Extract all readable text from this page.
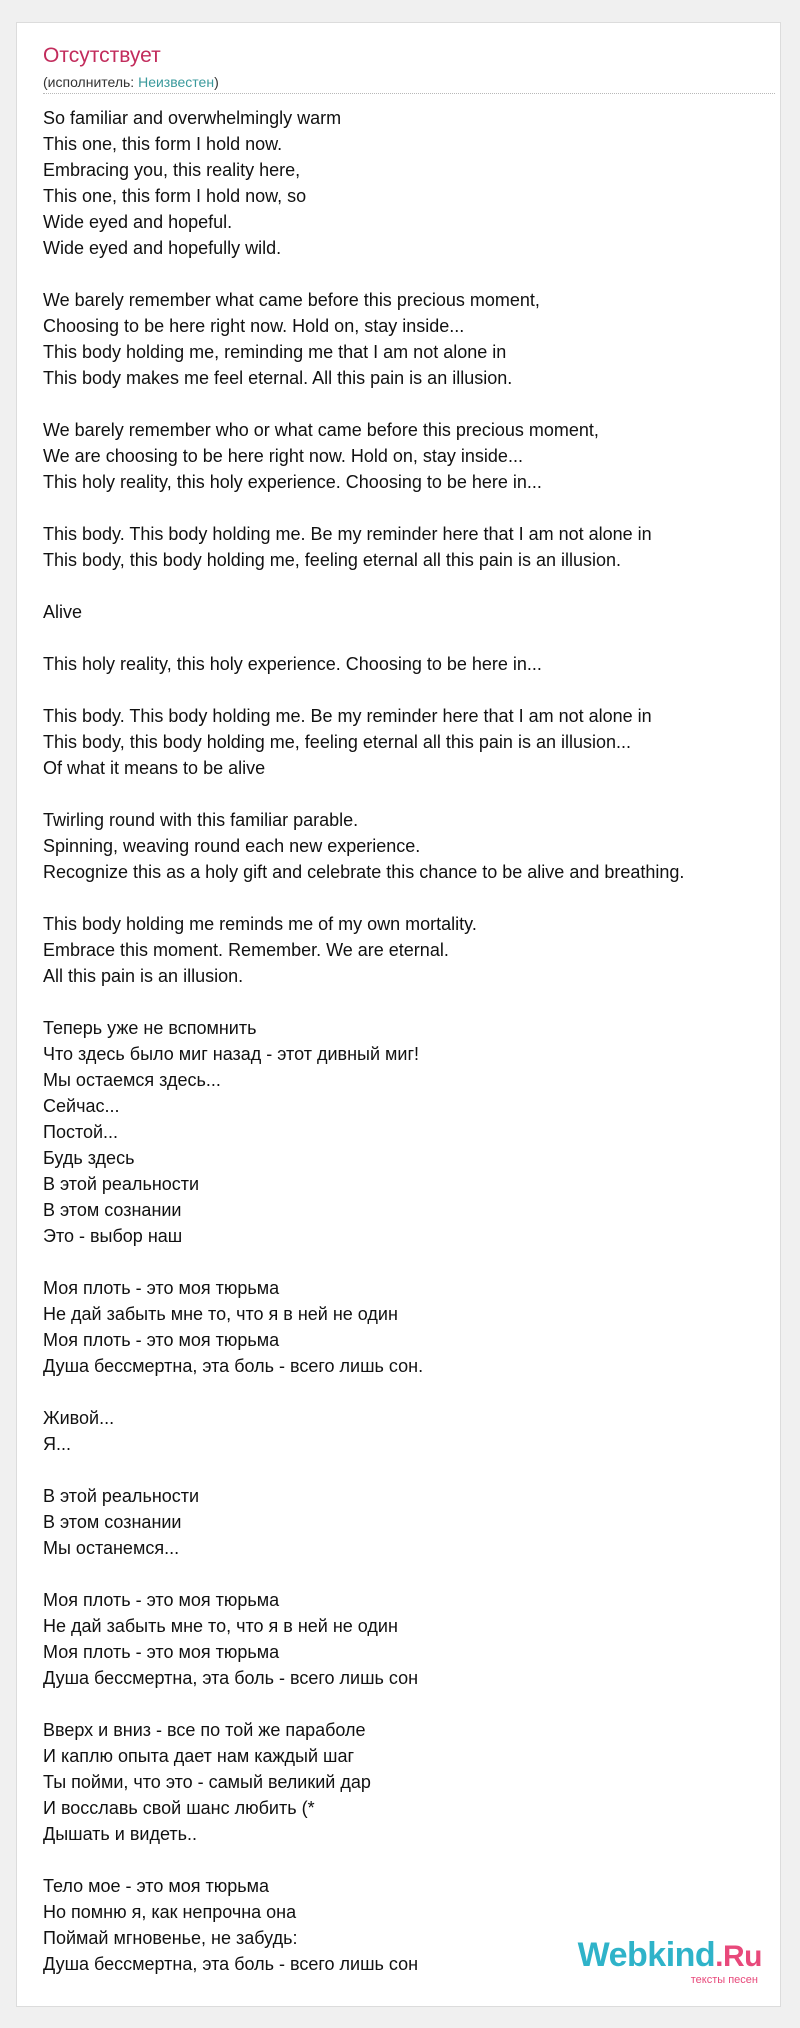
Отсутствует
(исполнитель: Неизвестен)
So familiar and overwhelmingly warm
This one, this form I hold now.
Embracing you, this reality here,
This one, this form I hold now, so
Wide eyed and hopeful.
Wide eyed and hopefully wild.
We barely remember what came before this precious moment,
Choosing to be here right now. Hold on, stay inside...
This body holding me, reminding me that I am not alone in
This body makes me feel eternal. All this pain is an illusion.
We barely remember who or what came before this precious moment,
We are choosing to be here right now. Hold on, stay inside...
This holy reality, this holy experience. Choosing to be here in...
This body. This body holding me. Be my reminder here that I am not alone in
This body, this body holding me, feeling eternal all this pain is an illusion.
Alive
This holy reality, this holy experience. Choosing to be here in...
This body. This body holding me. Be my reminder here that I am not alone in
This body, this body holding me, feeling eternal all this pain is an illusion...
Of what it means to be alive
Twirling round with this familiar parable.
Spinning, weaving round each new experience.
Recognize this as a holy gift and celebrate this chance to be alive and breathing.
This body holding me reminds me of my own mortality.
Embrace this moment. Remember. We are eternal.
All this pain is an illusion.
Теперь уже не вспомнить
Что здесь было миг назад - этот дивный миг!
Мы остаемся здесь...
Сейчас...
Постой...
Будь здесь
В этой реальности
В этом сознании
Это - выбор наш
Моя плоть - это моя тюрьма
Не дай забыть мне то, что я в ней не один
Моя плоть - это моя тюрьма
Душа бессмертна, эта боль - всего лишь сон.
Живой...
Я...
В этой реальности
В этом сознании
Мы останемся...
Моя плоть - это моя тюрьма
Не дай забыть мне то, что я в ней не один
Моя плоть - это моя тюрьма
Душа бессмертна, эта боль - всего лишь сон
Вверх и вниз - все по той же параболе
И каплю опыта дает нам каждый шаг
Ты пойми, что это - самый великий дар
И восславь свой шанс любить (*
Дышать и видеть..
Тело мое - это моя тюрьма
Но помню я, как непрочна она
Поймай мгновенье, не забудь:
Душа бессмертна, эта боль - всего лишь сон	Webkind.Ru
тексты песен
